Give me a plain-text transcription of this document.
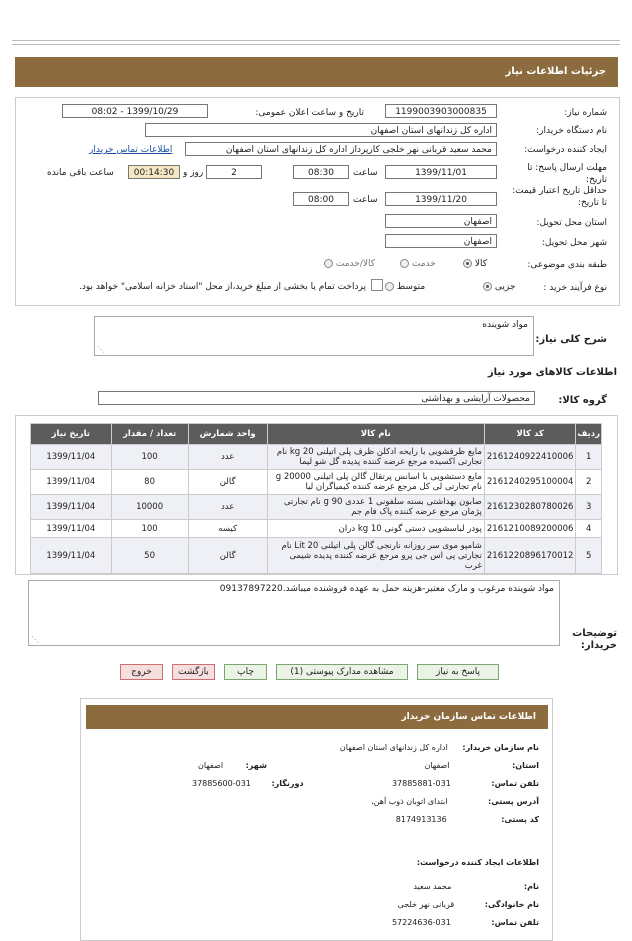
جزئیات اطلاعات نیاز
شماره نیاز:
1199003903000835
تاریخ و ساعت اعلان عمومی:
1399/10/29 - 08:02
نام دستگاه خریدار:
اداره کل زندانهای استان اصفهان
ایجاد کننده درخواست:
محمد سعید قربانی نهر خلجی کارپرداز اداره کل زندانهای استان اصفهان
اطلاعات تماس خریدار
مهلت ارسال پاسخ: تا تاریخ:
1399/11/01
ساعت
08:30
2
روز و
00:14:30
ساعت باقی مانده
حداقل تاریخ اعتبار قیمت: تا تاریخ:
1399/11/20
ساعت
08:00
استان محل تحویل:
اصفهان
شهر محل تحویل:
اصفهان
طبقه بندی موضوعی:
کالا
خدمت
کالا/خدمت
نوع فرآیند خرید :
جزیی
متوسط
پرداخت تمام یا بخشی از مبلغ خرید،از محل "اسناد خزانه اسلامی" خواهد بود.
شرح کلی نیاز:
مواد شوینده
⋰
اطلاعات کالاهای مورد نیاز
گروه کالا:
محصولات آرایشی و بهداشتی
ردیف	کد کالا	نام کالا	واحد شمارش	تعداد / مقدار	تاریخ نیاز
1	2161240922410006	مایع ظرفشویی با رایحه ادکلن ظرف پلی اتیلنی 20 kg نام تجارتی اکسیده مرجع عرضه کننده پدیده گل شو لیما	عدد	100	1399/11/04
2	2161240295100004	مایع دستشویی با اسانس پرتقال گالن پلی اتیلنی 20000 g نام تجارتی لی کل مرجع عرضه کننده کیمیاگران لیا	گالن	80	1399/11/04
3	2161230280780026	صابون بهداشتی بسته سلفونی 1 عددی 90 g نام تجارتی پژمان مرجع عرضه کننده پاک فام جم	عدد	10000	1399/11/04
4	2161210089200006	پودر لباسشویی دستی گونی 10 kg دران	کیسه	100	1399/11/04
5	2161220896170012	شامپو موی سر روزانه نارنجی گالن پلی اتیلنی 20 Lit نام تجارتی پی اس جی پرو مرجع عرضه کننده پدیده شیمی غرب	گالن	50	1399/11/04
توضیحات خریدار:
مواد شوینده مرغوب و مارک معتبر-هزینه حمل به عهده فروشنده میباشد.09137897220
⋰
پاسخ به نیاز
مشاهده مدارک پیوستی (1)
چاپ
بازگشت
خروج
اطلاعات تماس سازمان خریدار
نام سازمان خریدار: اداره کل زندانهای استان اصفهان
استان: اصفهان
شهر: اصفهان
تلفن تماس: 031-37885881
دورنگار: 031-37885600
آدرس پستی: ابتدای اتوبان ذوب آهن،
کد پستی: 8174913136
اطلاعات ایجاد کننده درخواست:
نام: محمد سعید
نام خانوادگی: قربانی نهر خلجی
تلفن تماس: 031-57224636
